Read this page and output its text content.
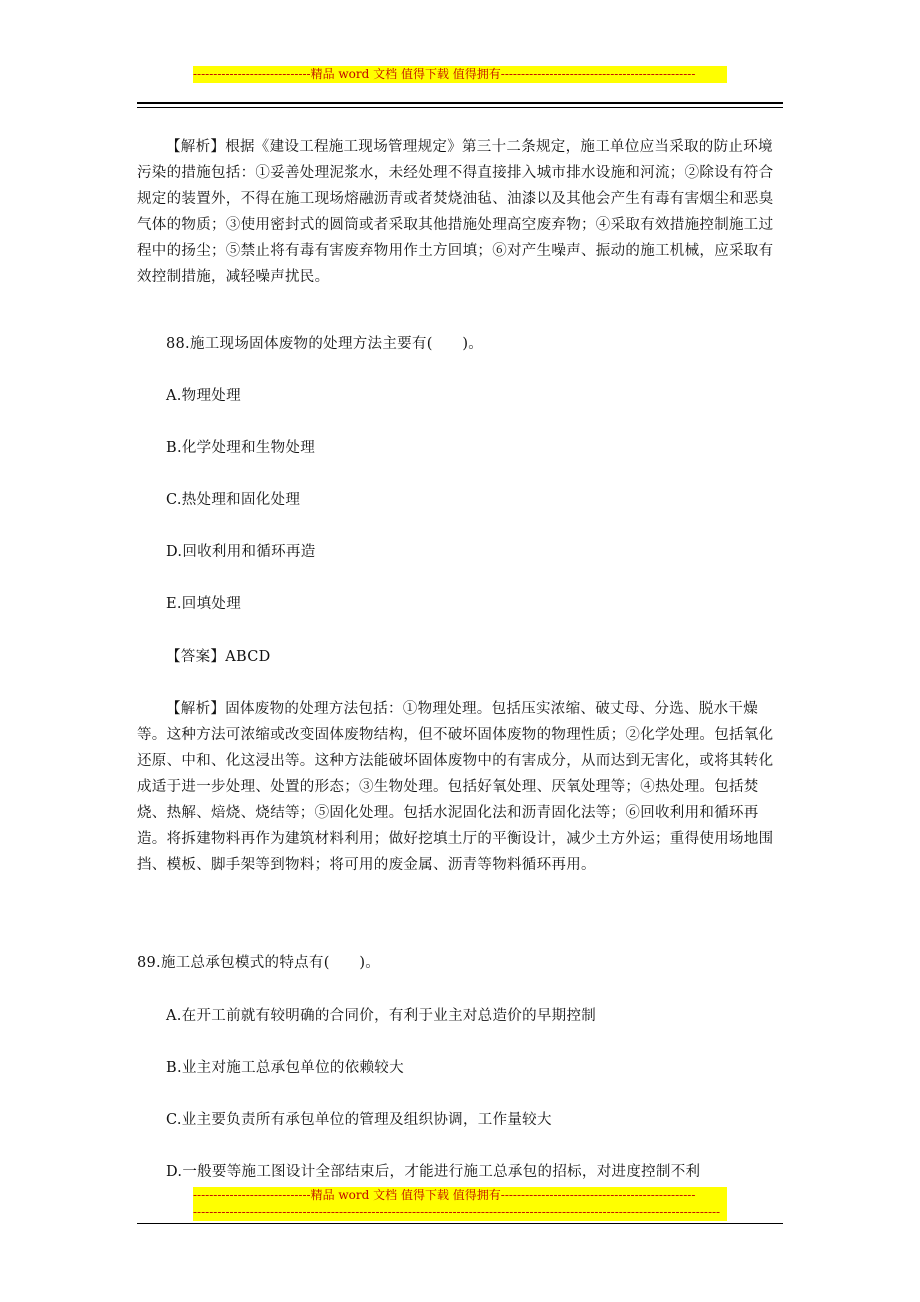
-----------------------------精品 word 文档 值得下载 值得拥有------------------------------------------------

【解析】根据《建设工程施工现场管理规定》第三十二条规定，施工单位应当采取的防止环境污染的措施包括：①妥善处理泥浆水，未经处理不得直接排入城市排水设施和河流；②除设有符合规定的装置外，不得在施工现场熔融沥青或者焚烧油毡、油漆以及其他会产生有毒有害烟尘和恶臭气体的物质；③使用密封式的圆筒或者采取其他措施处理高空废弃物；④采取有效措施控制施工过程中的扬尘；⑤禁止将有毒有害废弃物用作土方回填；⑥对产生噪声、振动的施工机械，应采取有效控制措施，减轻噪声扰民。

88.施工现场固体废物的处理方法主要有(　　)。

A.物理处理

B.化学处理和生物处理

C.热处理和固化处理

D.回收利用和循环再造

E.回填处理

【答案】ABCD

【解析】固体废物的处理方法包括：①物理处理。包括压实浓缩、破丈母、分选、脱水干燥等。这种方法可浓缩或改变固体废物结构，但不破坏固体废物的物理性质；②化学处理。包括氧化还原、中和、化这浸出等。这种方法能破坏固体废物中的有害成分，从而达到无害化，或将其转化成适于进一步处理、处置的形态；③生物处理。包括好氧处理、厌氧处理等；④热处理。包括焚烧、热解、焙烧、烧结等；⑤固化处理。包括水泥固化法和沥青固化法等；⑥回收利用和循环再造。将拆建物料再作为建筑材料利用；做好挖填土厅的平衡设计，减少土方外运；重得使用场地围挡、模板、脚手架等到物料；将可用的废金属、沥青等物料循环再用。

89.施工总承包模式的特点有(　　)。

A.在开工前就有较明确的合同价，有利于业主对总造价的早期控制

B.业主对施工总承包单位的依赖较大

C.业主要负责所有承包单位的管理及组织协调，工作量较大

D.一般要等施工图设计全部结束后，才能进行施工总承包的招标，对进度控制不利

-----------------------------精品 word 文档 值得下载 值得拥有------------------------------------------------
----------------------------------------------------------------------------------------------------------------------------------
